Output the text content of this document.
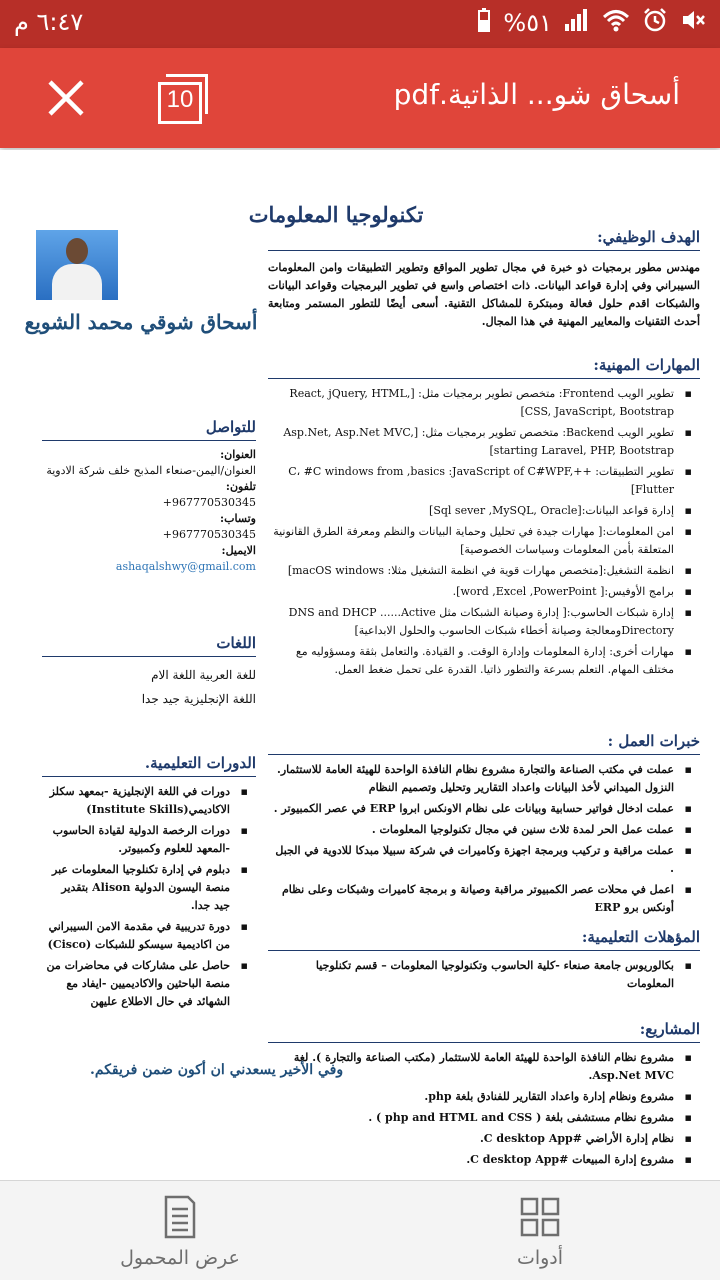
٦:٤٧ م	%٥١
10	أسحاق شو... الذاتية.pdf
تكنولوجيا المعلومات
أسحاق شوقي محمد الشويع
الهدف الوظيفي:
مهندس مطور برمجيات ذو خبرة في مجال تطوير المواقع وتطوير التطبيقات وامن المعلومات السيبراني وفي إدارة قواعد البيانات. ذات اختصاص واسع في تطوير البرمجيات وقواعد البيانات والشبكات اقدم حلول فعالة ومبتكرة للمشاكل التقنية. أسعى أيضًا للتطور المستمر ومتابعة أحدث التقنيات والمعايير المهنية في هذا المجال.
المهارات المهنية:
▪ تطوير الويب Frontend: متخصص تطوير برمجيات مثل: [React, jQuery, HTML, CSS, JavaScript, Bootstrap]
▪ تطوير الويب Backend: متخصص تطوير برمجيات مثل: [Asp.Net, Asp.Net MVC, starting Laravel, PHP, Bootstrap]
▪ تطوير التطبيقات: ++C، #C windows from ,basics :JavaScript of C#WPF, Flutter]
▪ إدارة قواعد البيانات:[Sql sever ,MySQL, Oracle]
▪ امن المعلومات:[ مهارات جيدة في تحليل وحماية البيانات والنظم ومعرفة الطرق القانونية المتعلقة بأمن المعلومات وسياسات الخصوصية]
▪ انظمة التشغيل:[متخصص مهارات قوية في انظمة التشغيل مثلا: macOS windows]
▪ برامج الأوفيس:[ word ,Excel ,PowerPoint].
▪ إدارة شبكات الحاسوب:[ إدارة وصيانة الشبكات مثل DNS and DHCP ......Active Directoryومعالجة وصيانة أخطاء شبكات الحاسوب والحلول الابداعية]
▪ مهارات أخرى: إدارة المعلومات وإدارة الوقت. و القيادة. والتعامل بثقة ومسؤوليه مع مختلف المهام. التعلم بسرعة والتطور ذاتيا. القدرة على تحمل ضغط العمل.
خبرات العمل :
▪ عملت في مكتب الصناعة والتجارة مشروع نظام النافذة الواحدة للهيئة العامة للاستثمار. النزول الميداني لأخذ البيانات واعداد التقارير وتحليل وتصميم النظام
▪ عملت ادخال فواتير حسابية وبيانات على نظام الاونكس ابروا ERP في عصر الكمبيوتر .
▪ عملت عمل الحر لمدة ثلاث سنين في مجال تكنولوجيا المعلومات .
▪ عملت مراقبة و تركيب وبرمجة اجهزة وكاميرات في شركة سبيلا مبدكا للادوية في الجبل .
▪ اعمل في محلات عصر الكمبيوتر مراقبة وصيانة و برمجة كاميرات وشبكات وعلى نظام أونكس برو ERP
المؤهلات التعليمية:
▪ بكالوريوس جامعة صنعاء -كلية الحاسوب وتكنولوجيا المعلومات – قسم تكنلوجيا المعلومات
المشاريع:
▪ مشروع نظام النافذة الواحدة للهيئة العامة للاستثمار (مكتب الصناعة والتجارة ). لغة Asp.Net MVC.
▪ مشروع ونظام إدارة واعداد التقارير للفنادق بلغة php.
▪ مشروع نظام مستشفى بلغة ( php and HTML and CSS ) .
▪ نظام إدارة الأراضي #C desktop App.
▪ مشروع إدارة المبيعات #C desktop App.
للتواصل
العنوان:
العنوان/اليمن-صنعاء المذبح خلف شركة الادوية
تلفون:
+967770530345
وتساب:
+967770530345
الايميل:
ashaqalshwy@gmail.com
اللغات
للغة العربية اللغة الام
اللغة الإنجليزية جيد جدا
الدورات التعليمية.
▪ دورات في اللغة الإنجليزية -بمعهد سكلز الاكاديمي(Institute Skills)
▪ دورات الرخصة الدولية لقيادة الحاسوب -المعهد للعلوم وكمبيوتر.
▪ دبلوم في إدارة تكنلوجيا المعلومات عبر منصة اليسون الدولية Alison بتقدير جيد جدا.
▪ دورة تدريبية في مقدمة الامن السيبراني من اكاديمية سيسكو للشبكات (Cisco)
▪ حاصل على مشاركات في محاضرات من منصة الباحثين والاكاديميين -ايفاد مع الشهائد في حال الاطلاع عليهن
وفي الأخير يسعدني ان أكون ضمن فريقكم.
عرض المحمول	أدوات
